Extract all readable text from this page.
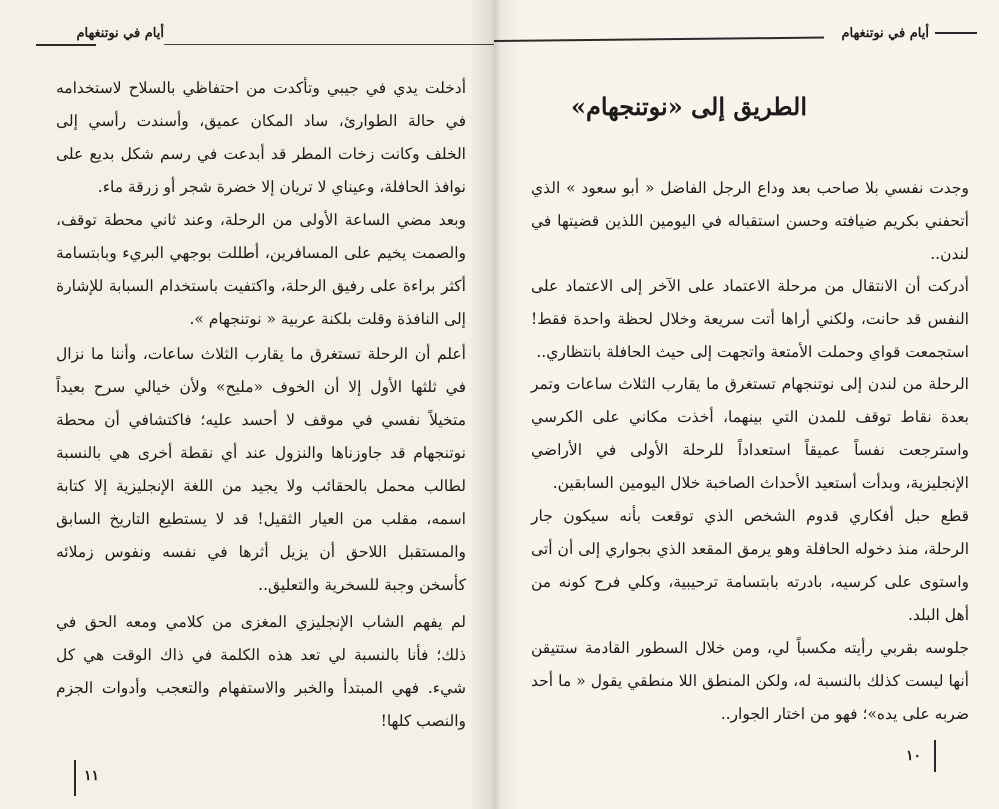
أيام في نوتنغهام

أدخلت يدي في جيبي وتأكدت من احتفاظي بالسلاح لاستخدامه في حالة الطوارئ، ساد المكان عميق، وأسندت رأسي إلى الخلف وكانت زخات المطر قد أبدعت في رسم شكل بديع على نوافذ الحافلة، وعيناي لا تريان إلا خضرة شجر أو زرقة ماء.

وبعد مضي الساعة الأولى من الرحلة، وعند ثاني محطة توقف، والصمت يخيم على المسافرين، أطللت بوجهي البريء وبابتسامة أكثر براءة على رفيق الرحلة، واكتفيت باستخدام السبابة للإشارة إلى النافذة وقلت بلكنة عربية « نوتنجهام ».

أعلم أن الرحلة تستغرق ما يقارب الثلاث ساعات، وأننا ما نزال في ثلثها الأول إلا أن الخوف «مليح» ولأن خيالي سرح بعيداً متخيلاً نفسي في موقف لا أحسد عليه؛ فاكتشافي أن محطة نوتنجهام قد جاوزناها والنزول عند أي نقطة أخرى هي بالنسبة لطالب محمل بالحقائب ولا يجيد من اللغة الإنجليزية إلا كتابة اسمه، مقلب من العيار الثقيل! قد لا يستطيع التاريخ السابق والمستقبل اللاحق أن يزيل أثرها في نفسه ونفوس زملائه كأسخن وجبة للسخرية والتعليق..

لم يفهم الشاب الإنجليزي المغزى من كلامي ومعه الحق في ذلك؛ فأنا بالنسبة لي تعد هذه الكلمة في ذاك الوقت هي كل شيء. فهي المبتدأ والخبر والاستفهام والتعجب وأدوات الجزم والنصب كلها!

١١
أيام في نوتنغهام
الطريق إلى «نوتنجهام»

وجدت نفسي بلا صاحب بعد وداع الرجل الفاضل « أبو سعود » الذي أتحفني بكريم ضيافته وحسن استقباله في اليومين اللذين قضيتها في لندن..

أدركت أن الانتقال من مرحلة الاعتماد على الآخر إلى الاعتماد على النفس قد حانت، ولكني أراها أتت سريعة وخلال لحظة واحدة فقط! استجمعت قواي وحملت الأمتعة واتجهت إلى حيث الحافلة بانتظاري..

الرحلة من لندن إلى نوتنجهام تستغرق ما يقارب الثلاث ساعات وتمر بعدة نقاط توقف للمدن التي بينهما، أخذت مكاني على الكرسي واسترجعت نفساً عميقاً استعداداً للرحلة الأولى في الأراضي الإنجليزية، وبدأت أستعيد الأحداث الصاخبة خلال اليومين السابقين.

قطع حبل أفكاري قدوم الشخص الذي توقعت بأنه سيكون جار الرحلة، منذ دخوله الحافلة وهو يرمق المقعد الذي بجواري إلى أن أتى واستوى على كرسيه، بادرته بابتسامة ترحيبية، وكلي فرح كونه من أهل البلد.

جلوسه بقربي رأيته مكسباً لي، ومن خلال السطور القادمة ستتيقن أنها ليست كذلك بالنسبة له، ولكن المنطق اللا منطقي يقول « ما أحد ضربه على يده»؛ فهو من اختار الجوار..

١٠
